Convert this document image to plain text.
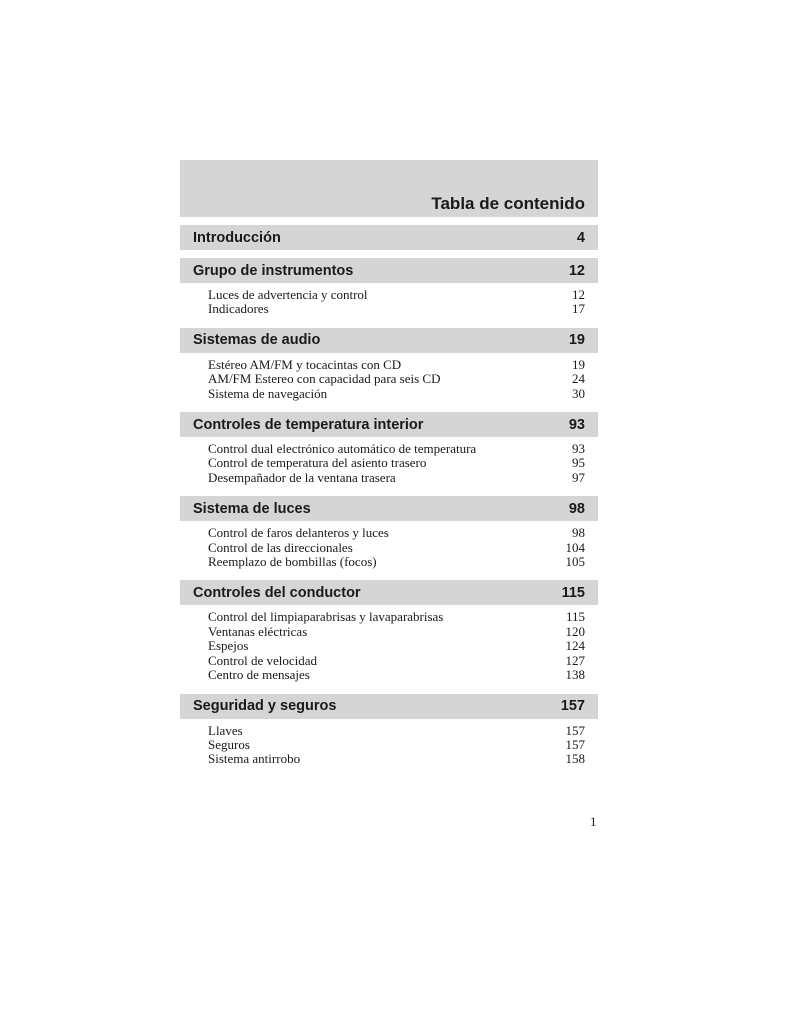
Tabla de contenido
Introducción	4
Grupo de instrumentos	12
Luces de advertencia y control	12
Indicadores	17
Sistemas de audio	19
Estéreo AM/FM y tocacintas con CD	19
AM/FM Estereo con capacidad para seis CD	24
Sistema de navegación	30
Controles de temperatura interior	93
Control dual electrónico automático de temperatura	93
Control de temperatura del asiento trasero	95
Desempañador de la ventana trasera	97
Sistema de luces	98
Control de faros delanteros y luces	98
Control de las direccionales	104
Reemplazo de bombillas (focos)	105
Controles del conductor	115
Control del limpiaparabrisas y lavaparabrisas	115
Ventanas eléctricas	120
Espejos	124
Control de velocidad	127
Centro de mensajes	138
Seguridad y seguros	157
Llaves	157
Seguros	157
Sistema antirrobo	158
1
